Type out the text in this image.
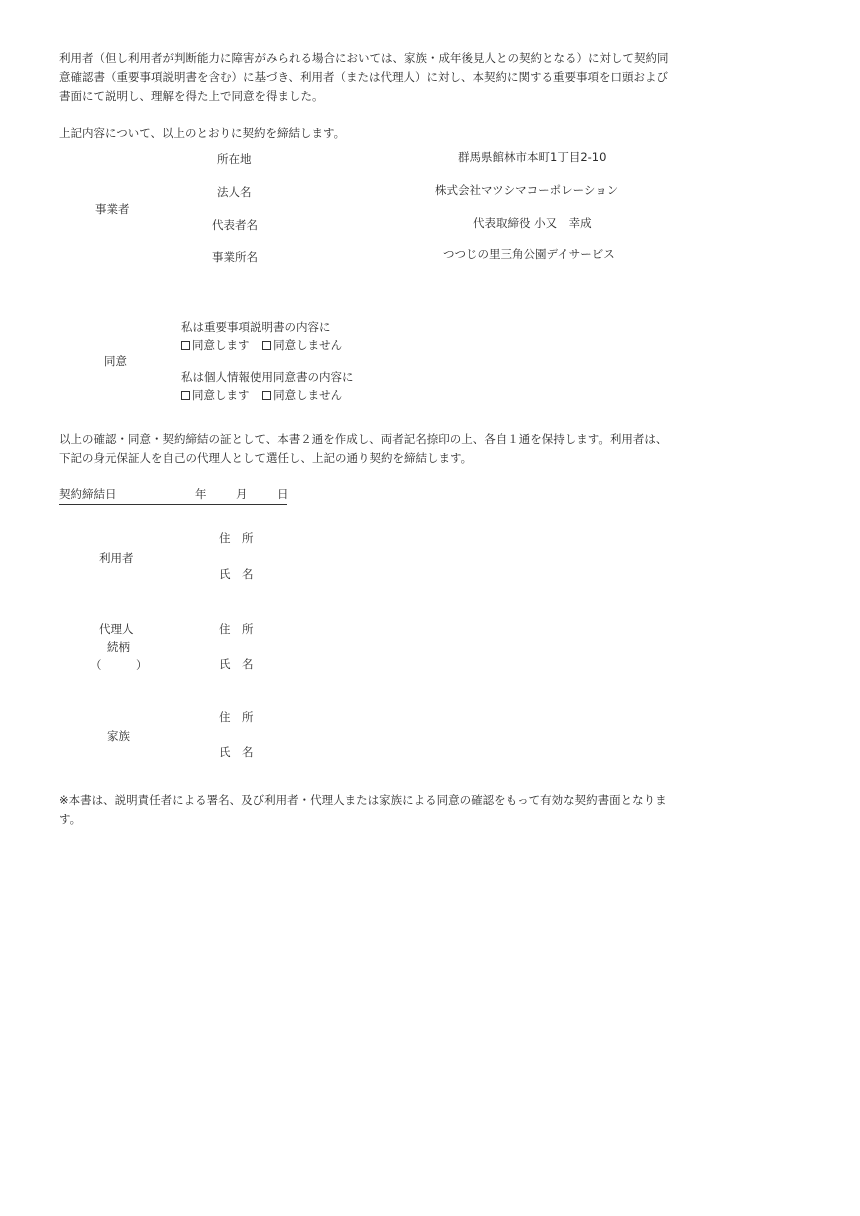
利用者（但し利用者が判断能力に障害がみられる場合においては、家族・成年後見人との契約となる）に対して契約同
意確認書（重要事項説明書を含む）に基づき、利用者（または代理人）に対し、本契約に関する重要事項を口頭および
書面にて説明し、理解を得た上で同意を得ました。
上記内容について、以上のとおりに契約を締結します。
事業者
所在地	群馬県館林市本町1丁目2-10
法人名	株式会社マツシマコーポレーション
代表者名	代表取締役 小又　幸成
事業所名	つつじの里三角公園デイサービス
同意
私は重要事項説明書の内容に
同意します 同意しません
私は個人情報使用同意書の内容に
同意します 同意しません
以上の確認・同意・契約締結の証として、本書２通を作成し、両者記名捺印の上、各自１通を保持します。利用者は、
下記の身元保証人を自己の代理人として選任し、上記の通り契約を締結します。
契約締結日	年	月	日
利用者
住　所
氏　名
代理人
続柄
（　　　）
住　所
氏　名
家族
住　所
氏　名
※本書は、説明責任者による署名、及び利用者・代理人または家族による同意の確認をもって有効な契約書面となりま
す。
